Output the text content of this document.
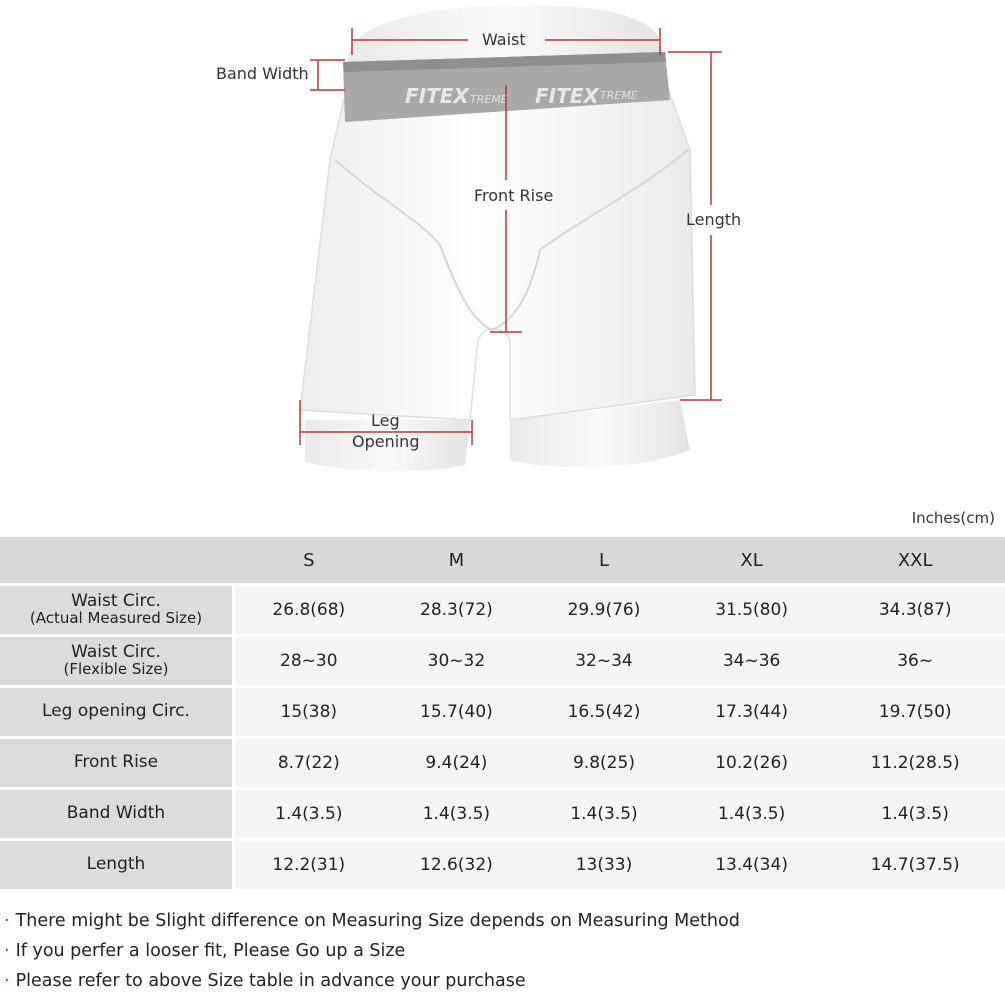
FITEX TREME FITEX TREME
Waist
Band Width
Front Rise
Length
Leg
Opening
Inches(cm)
	S	M	L	XL	XXL
Waist Circ.
(Actual Measured Size)	26.8(68)	28.3(72)	29.9(76)	31.5(80)	34.3(87)
Waist Circ.
(Flexible Size)	28~30	30~32	32~34	34~36	36~
Leg opening Circ.	15(38)	15.7(40)	16.5(42)	17.3(44)	19.7(50)
Front Rise	8.7(22)	9.4(24)	9.8(25)	10.2(26)	11.2(28.5)
Band Width	1.4(3.5)	1.4(3.5)	1.4(3.5)	1.4(3.5)	1.4(3.5)
Length	12.2(31)	12.6(32)	13(33)	13.4(34)	14.7(37.5)
· There might be Slight difference on Measuring Size depends on Measuring Method
· If you perfer a looser fit, Please Go up a Size
· Please refer to above Size table in advance your purchase
